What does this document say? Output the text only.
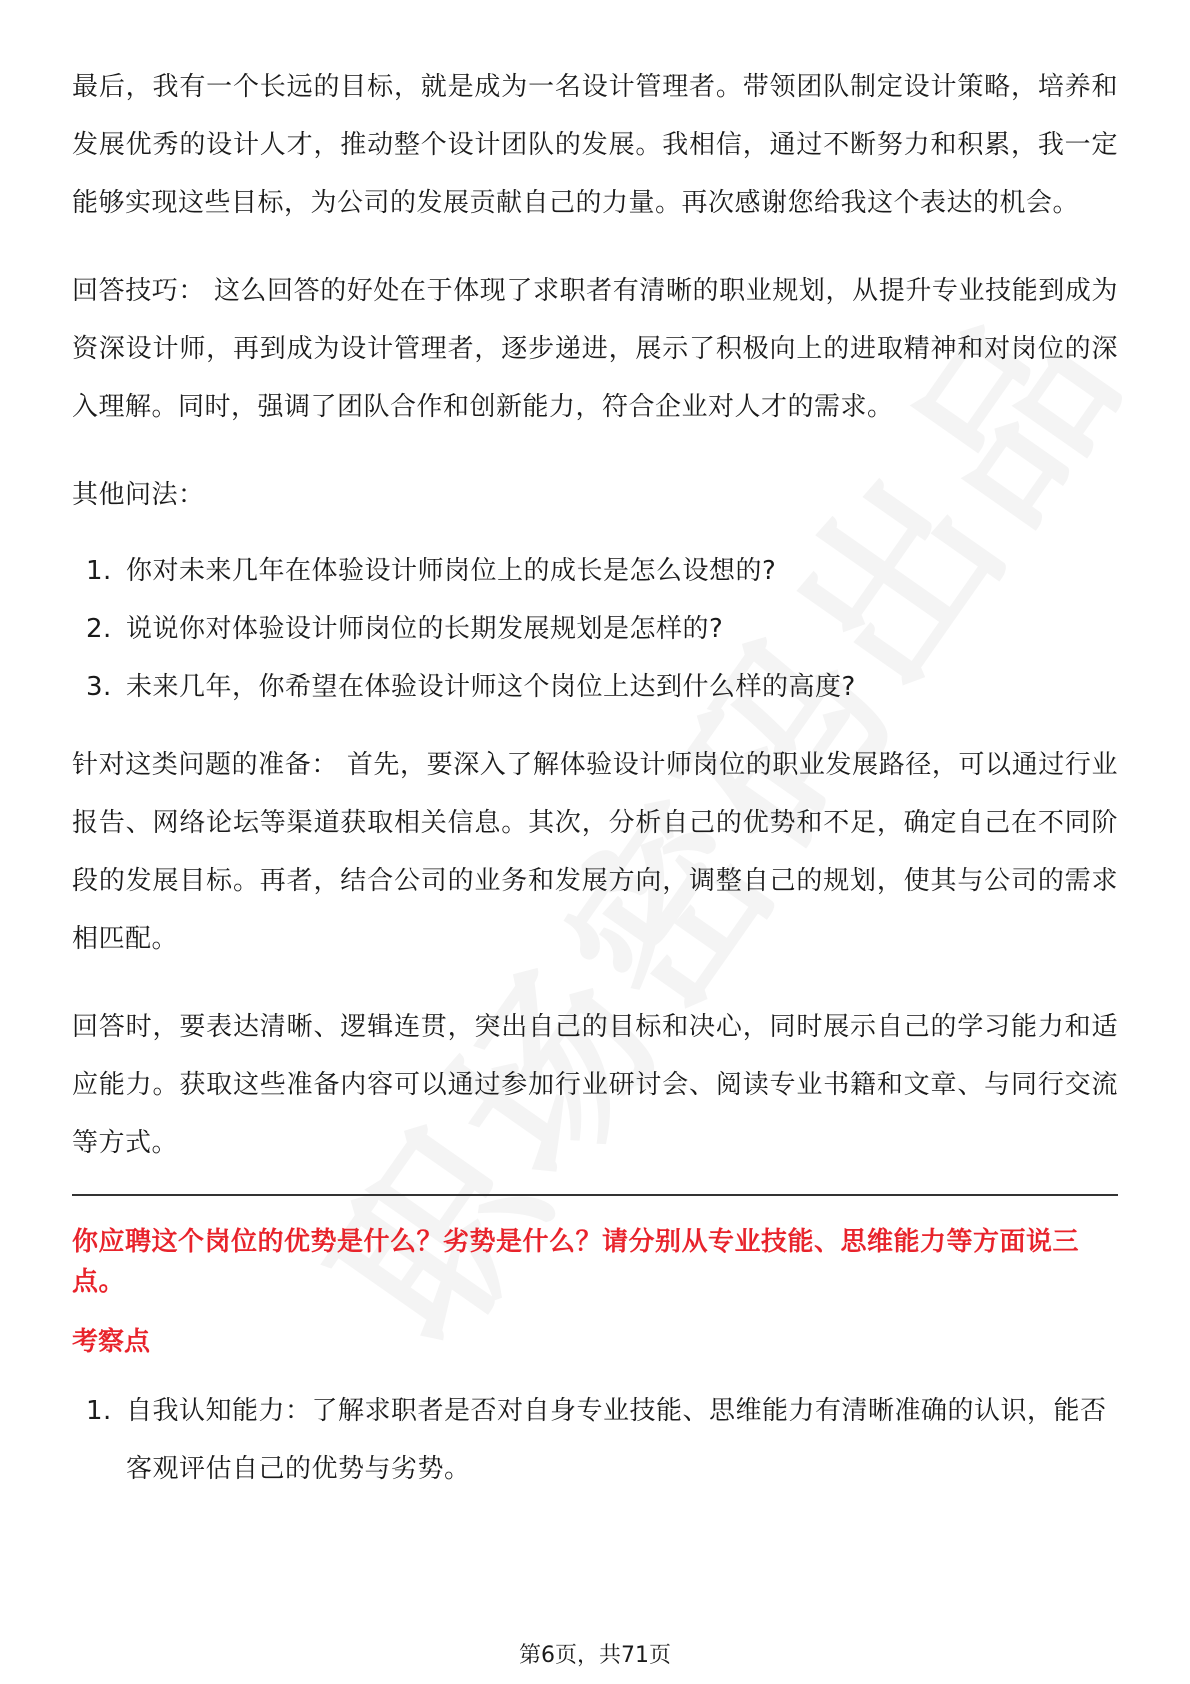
最后，我有一个长远的目标，就是成为一名设计管理者。带领团队制定设计策略，培养和发展优秀的设计人才，推动整个设计团队的发展。我相信，通过不断努力和积累，我一定能够实现这些目标，为公司的发展贡献自己的力量。再次感谢您给我这个表达的机会。

回答技巧： 这么回答的好处在于体现了求职者有清晰的职业规划，从提升专业技能到成为资深设计师，再到成为设计管理者，逐步递进，展示了积极向上的进取精神和对岗位的深入理解。同时，强调了团队合作和创新能力，符合企业对人才的需求。

其他问法：

1. 你对未来几年在体验设计师岗位上的成长是怎么设想的?
2. 说说你对体验设计师岗位的长期发展规划是怎样的?
3. 未来几年，你希望在体验设计师这个岗位上达到什么样的高度?

针对这类问题的准备： 首先，要深入了解体验设计师岗位的职业发展路径，可以通过行业报告、网络论坛等渠道获取相关信息。其次，分析自己的优势和不足，确定自己在不同阶段的发展目标。再者，结合公司的业务和发展方向，调整自己的规划，使其与公司的需求相匹配。

回答时，要表达清晰、逻辑连贯，突出自己的目标和决心，同时展示自己的学习能力和适应能力。获取这些准备内容可以通过参加行业研讨会、阅读专业书籍和文章、与同行交流等方式。

你应聘这个岗位的优势是什么？劣势是什么？请分别从专业技能、思维能力等方面说三点。

考察点

1. 自我认知能力：了解求职者是否对自身专业技能、思维能力有清晰准确的认识，能否客观评估自己的优势与劣势。
第6页，共71页
